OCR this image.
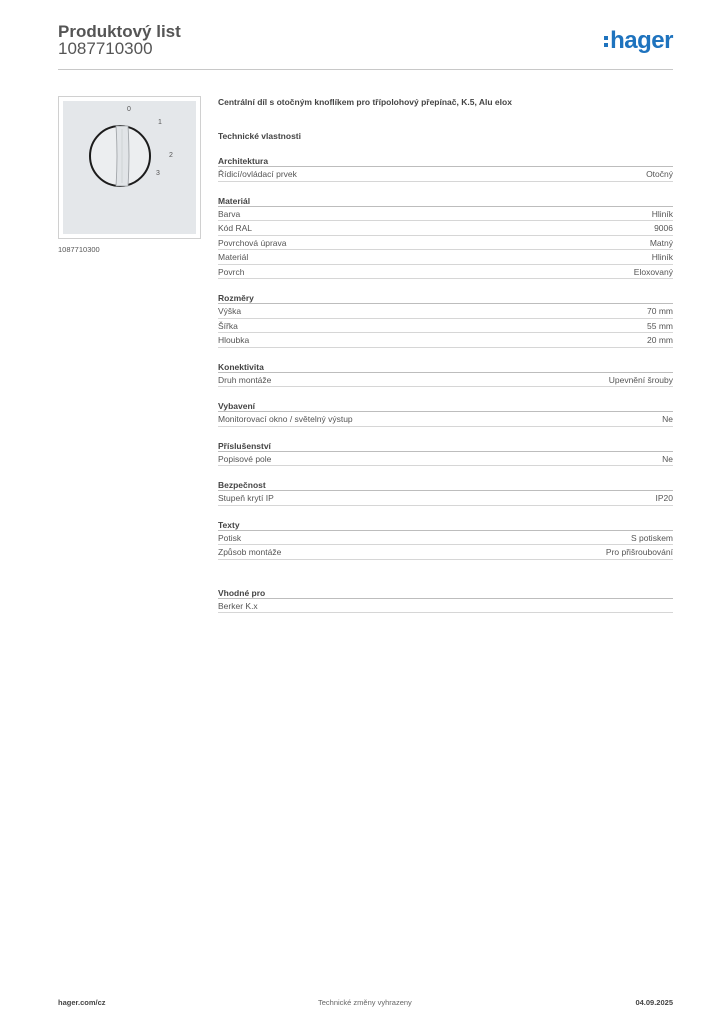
Produktový list
1087710300	hager
0
1
2
3
1087710300
Centrální díl s otočným knoflíkem pro třípolohový přepínač, K.5, Alu elox
Technické vlastnosti
Architektura
Řídicí/ovládací prvek	Otočný
Materiál
Barva	Hliník
Kód RAL	9006
Povrchová úprava	Matný
Materiál	Hliník
Povrch	Eloxovaný
Rozměry
Výška	70 mm
Šířka	55 mm
Hloubka	20 mm
Konektivita
Druh montáže	Upevnění šrouby
Vybavení
Monitorovací okno / světelný výstup	Ne
Příslušenství
Popisové pole	Ne
Bezpečnost
Stupeň krytí IP	IP20
Texty
Potisk	S potiskem
Způsob montáže	Pro přišroubování
Vhodné pro
Berker K.x
hager.com/cz	Technické změny vyhrazeny	04.09.2025
